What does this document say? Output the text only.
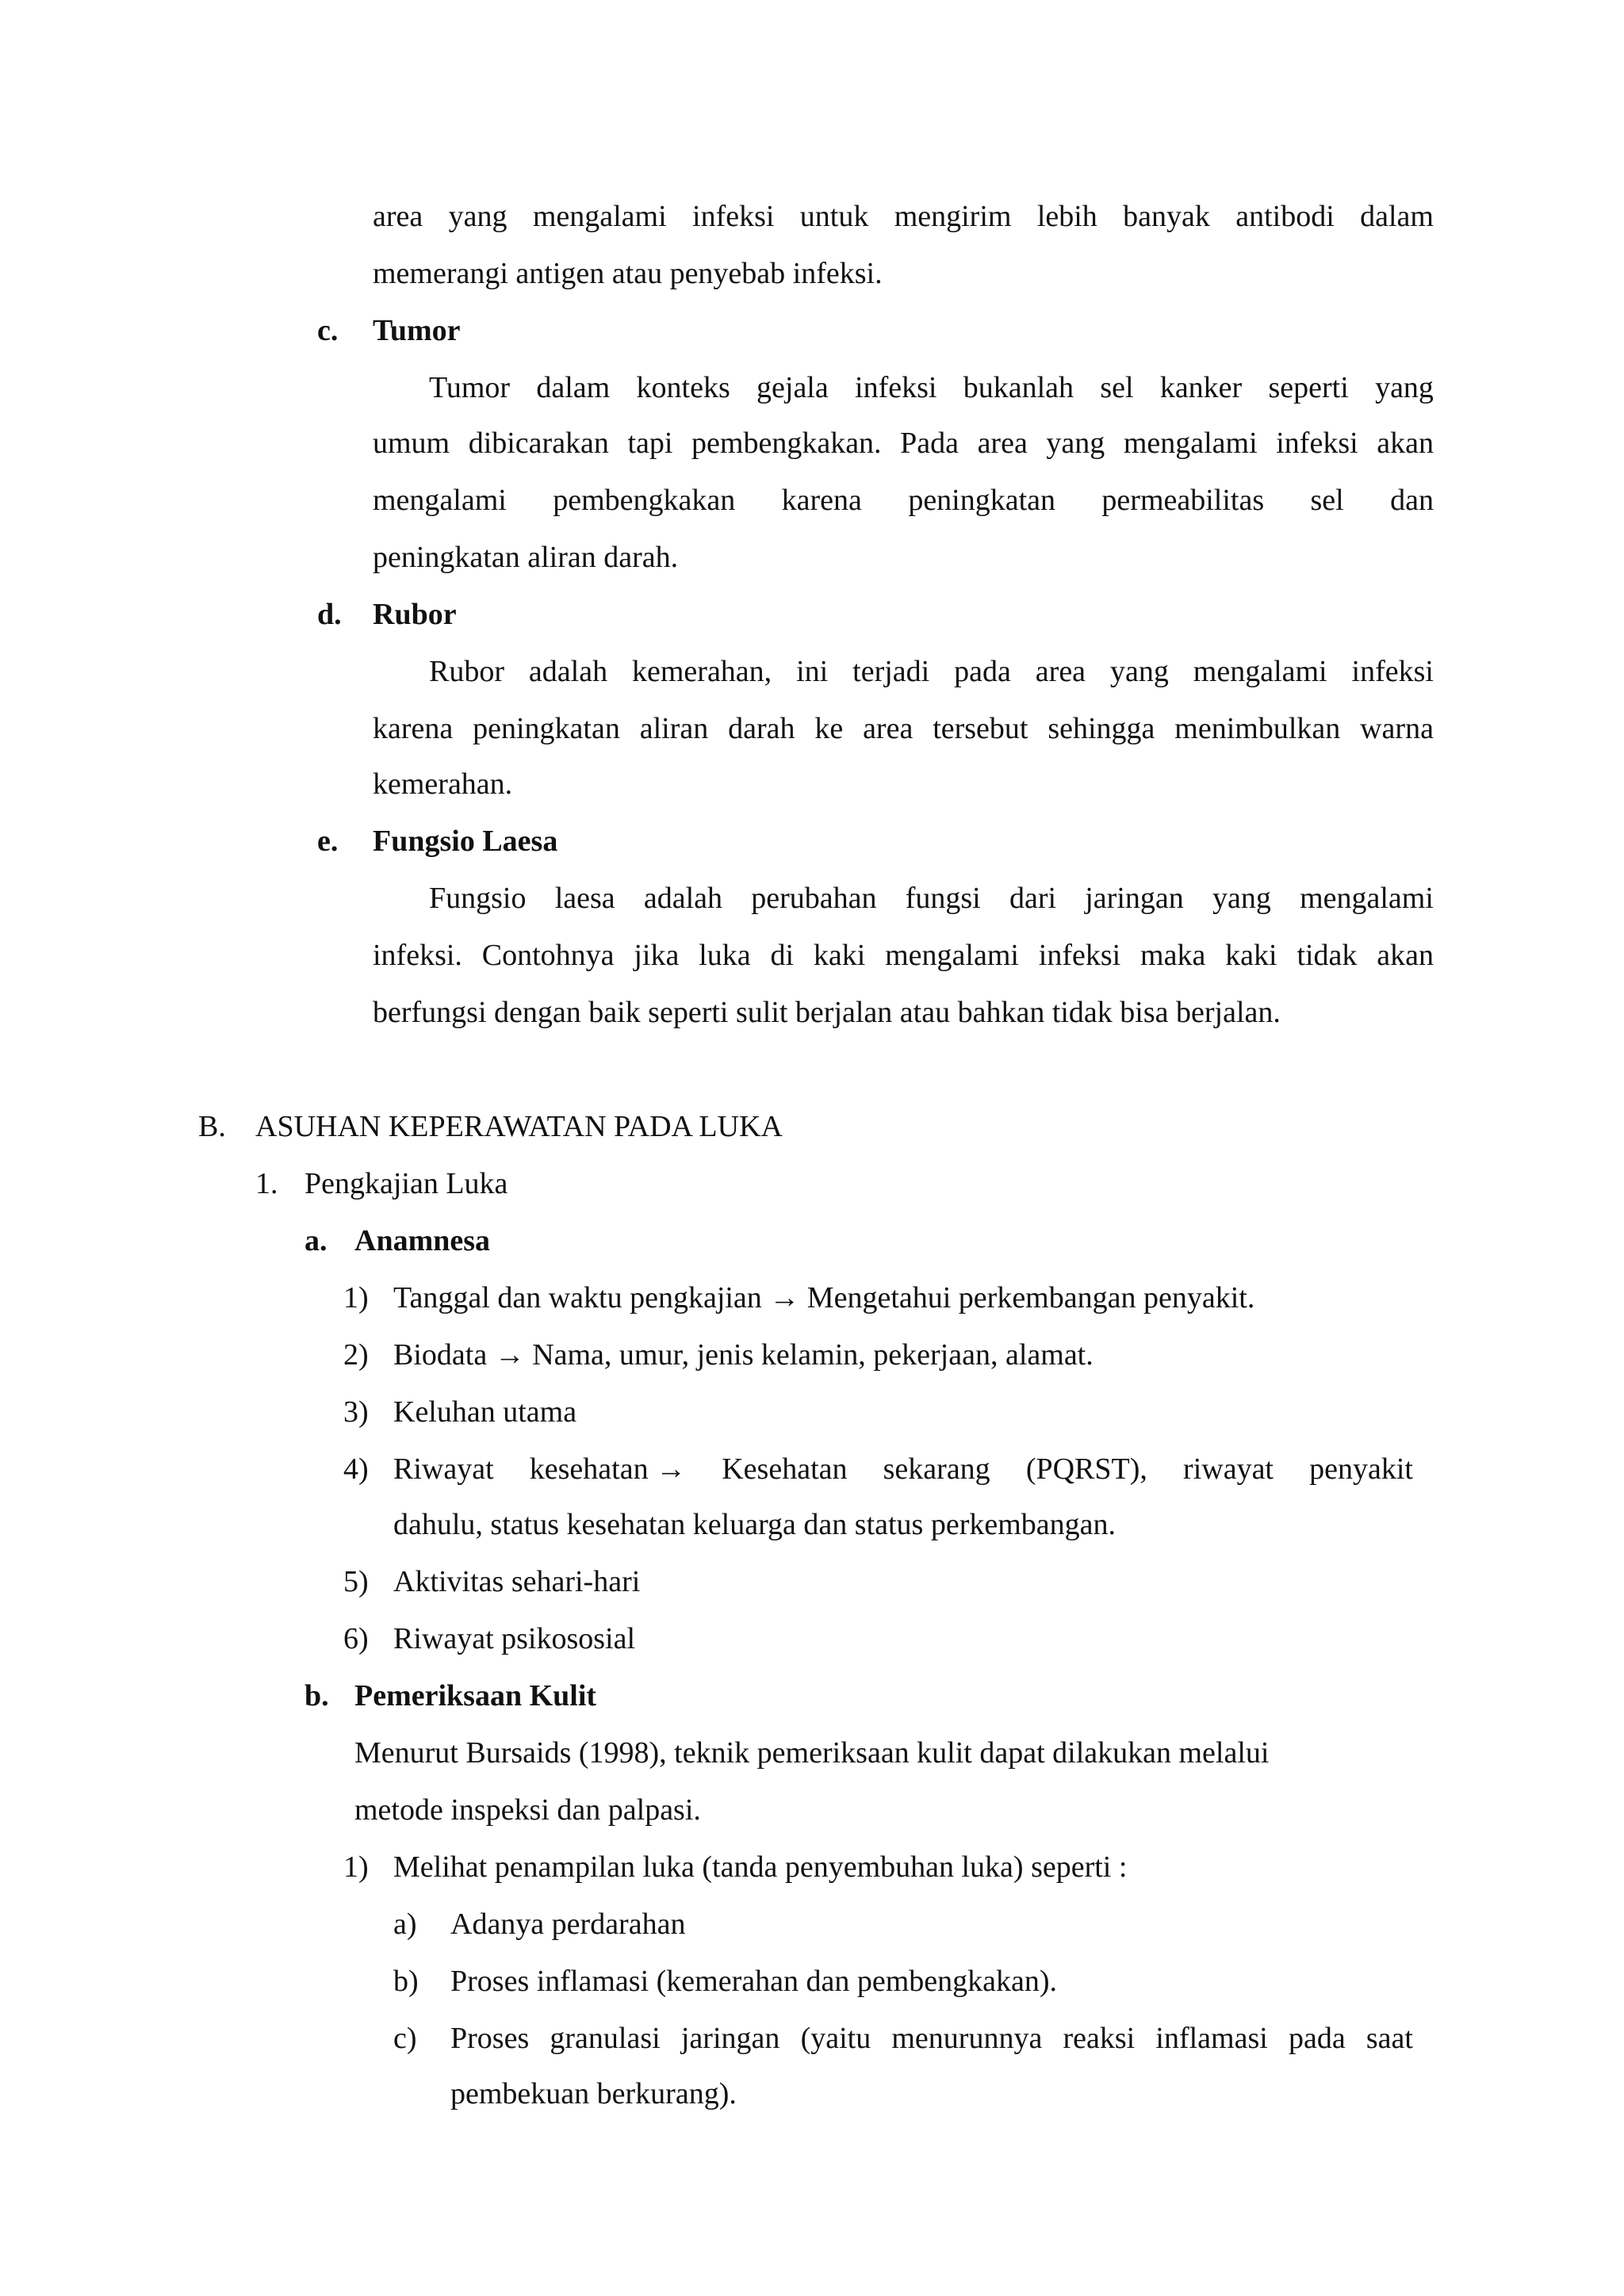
area yang mengalami infeksi untuk mengirim lebih banyak antibodi dalam
memerangi antigen atau penyebab infeksi.
c. Tumor
Tumor dalam konteks gejala infeksi bukanlah sel kanker seperti yang
umum dibicarakan tapi pembengkakan. Pada area yang mengalami infeksi akan
mengalami pembengkakan karena peningkatan permeabilitas sel dan
peningkatan aliran darah.
d. Rubor
Rubor adalah kemerahan, ini terjadi pada area yang mengalami infeksi
karena peningkatan aliran darah ke area tersebut sehingga menimbulkan warna
kemerahan.
e. Fungsio Laesa
Fungsio laesa adalah perubahan fungsi dari jaringan yang mengalami
infeksi. Contohnya jika luka di kaki mengalami infeksi maka kaki tidak akan
berfungsi dengan baik seperti sulit berjalan atau bahkan tidak bisa berjalan.
B. ASUHAN KEPERAWATAN PADA LUKA
1. Pengkajian Luka
a. Anamnesa
1) Tanggal dan waktu pengkajian → Mengetahui perkembangan penyakit.
2) Biodata → Nama, umur, jenis kelamin, pekerjaan, alamat.
3) Keluhan utama
4) Riwayat kesehatan → Kesehatan sekarang (PQRST), riwayat penyakit
dahulu, status kesehatan keluarga dan status perkembangan.
5) Aktivitas sehari-hari
6) Riwayat psikososial
b. Pemeriksaan Kulit
Menurut Bursaids (1998), teknik pemeriksaan kulit dapat dilakukan melalui
metode inspeksi dan palpasi.
1) Melihat penampilan luka (tanda penyembuhan luka) seperti :
a) Adanya perdarahan
b) Proses inflamasi (kemerahan dan pembengkakan).
c) Proses granulasi jaringan (yaitu menurunnya reaksi inflamasi pada saat
pembekuan berkurang).
